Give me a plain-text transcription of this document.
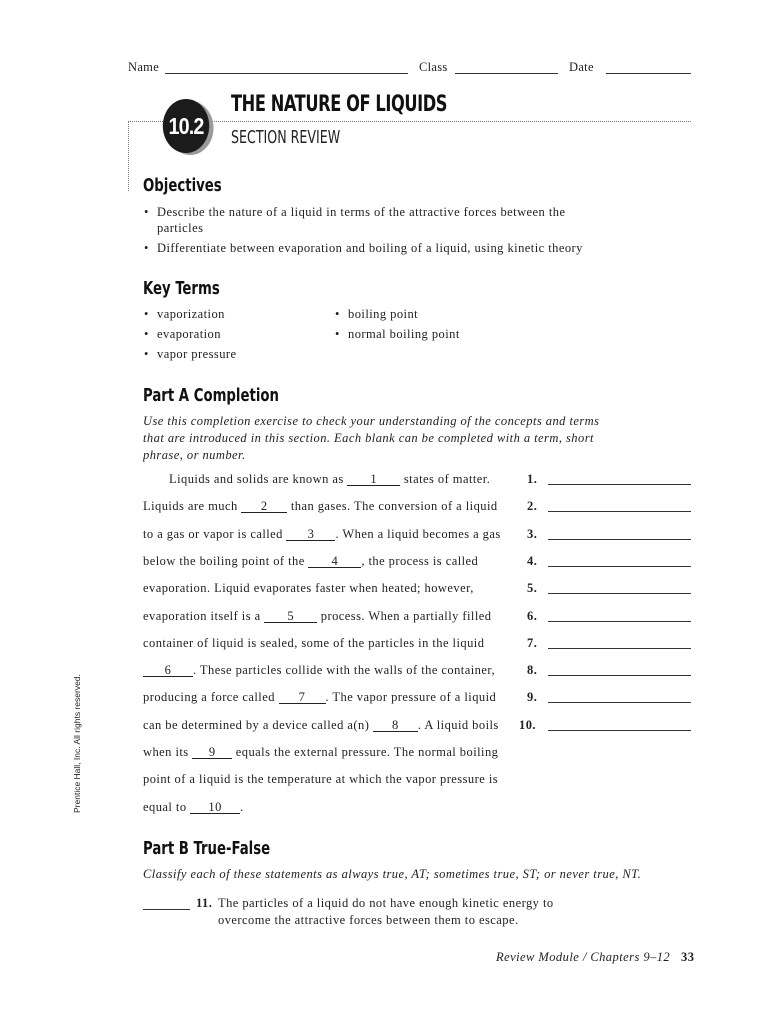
Name	Class	Date
10.2
THE NATURE OF LIQUIDS
SECTION REVIEW
Objectives
• Describe the nature of a liquid in terms of the attractive forces between the
particles
• Differentiate between evaporation and boiling of a liquid, using kinetic theory
Key Terms
• vaporization
• evaporation
• vapor pressure
• boiling point
• normal boiling point
Part A Completion
Use this completion exercise to check your understanding of the concepts and terms
that are introduced in this section. Each blank can be completed with a term, short
phrase, or number.
Liquids and solids are known as 1 states of matter.
Liquids are much 2 than gases. The conversion of a liquid
to a gas or vapor is called 3 . When a liquid becomes a gas
below the boiling point of the 4 , the process is called
evaporation. Liquid evaporates faster when heated; however,
evaporation itself is a 5 process. When a partially filled
container of liquid is sealed, some of the particles in the liquid
6 . These particles collide with the walls of the container,
producing a force called 7 . The vapor pressure of a liquid
can be determined by a device called a(n) 8 . A liquid boils
when its 9 equals the external pressure. The normal boiling
point of a liquid is the temperature at which the vapor pressure is
equal to 10 .
1.
2.
3.
4.
5.
6.
7.
8.
9.
10.
Part B True-False
Classify each of these statements as always true, AT; sometimes true, ST; or never true, NT.
11. The particles of a liquid do not have enough kinetic energy to
overcome the attractive forces between them to escape.
Review Module / Chapters 9–12 33
Prentice Hall, Inc. All rights reserved.
